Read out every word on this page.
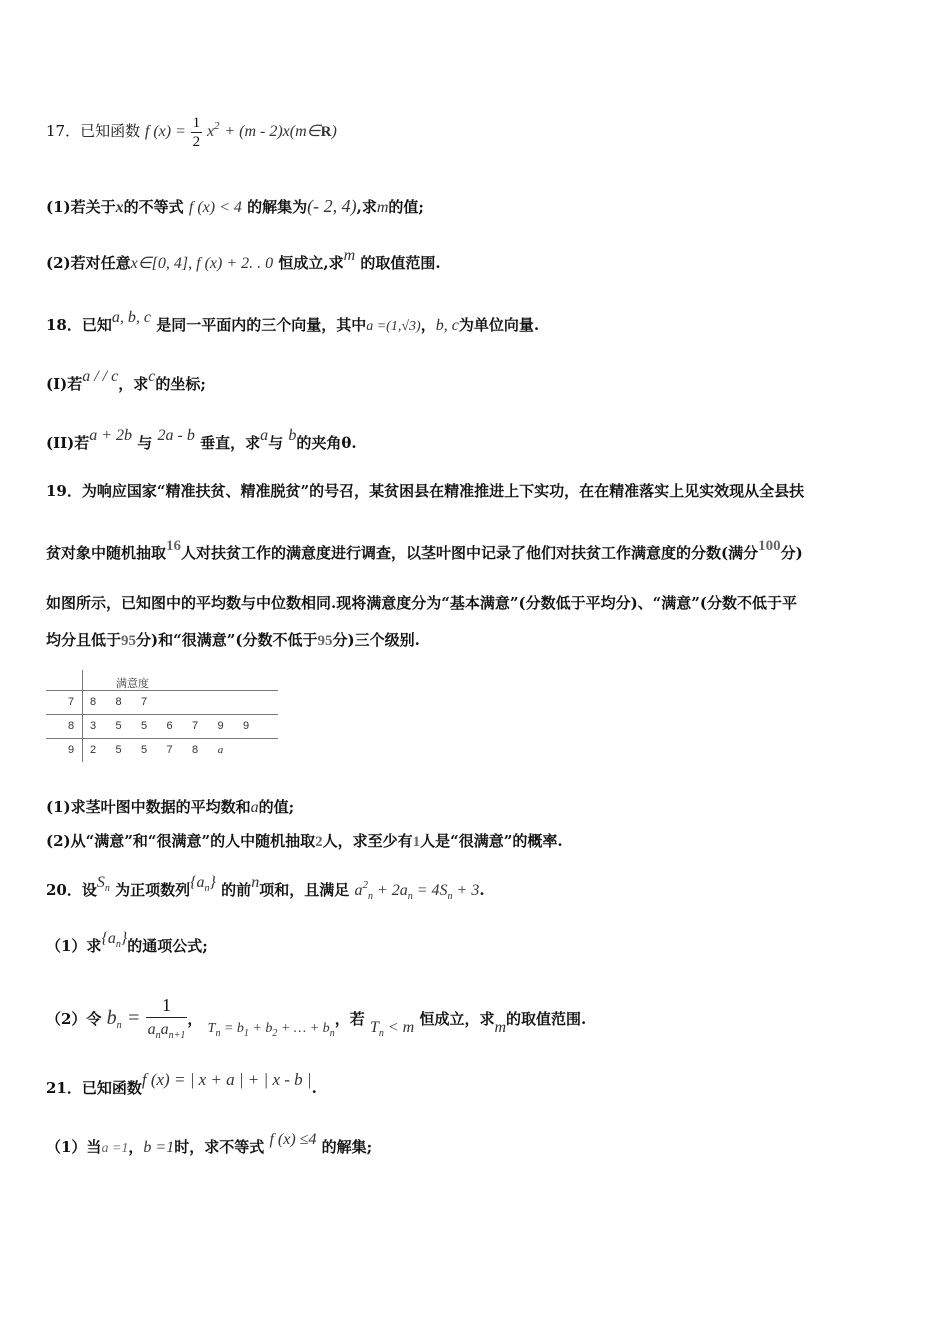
17．已知函数 f $(x) = \frac{1}{2} x^2 + (m$ - 2)x(m∈R)
(1)若关于x的不等式 f (x) < 4 的解集为(- 2, 4),求m的值;
(2)若对任意x∈[0, 4], f (x) + 2. . 0 恒成立,求m 的取值范围.
18．已知a, b, c 是同一平面内的三个向量，其中a =(1,√3)，b, c为单位向量.
(I)若a / / c，求c的坐标;
(II)若a + 2b 与 2a - b 垂直，求a与 b的夹角θ.
19．为响应国家“精准扶贫、精准脱贫”的号召，某贫困县在精准推进上下实功，在在精准落实上见实效现从全县扶
贫对象中随机抽取16人对扶贫工作的满意度进行调查，以茎叶图中记录了他们对扶贫工作满意度的分数(满分100分)
如图所示，已知图中的平均数与中位数相同.现将满意度分为“基本满意”(分数低于平均分)、“满意”(分数不低于平
均分且低于95分)和“很满意”(分数不低于95分)三个级别.
满意度
7	8	8	7
8	3	5	5	6	7	9	9
9	2	5	5	7	8	a
(1)求茎叶图中数据的平均数和a的值;
(2)从“满意”和“很满意”的人中随机抽取2人，求至少有1人是“很满意”的概率.
20．设$S^n$ 为正项数列$\{a^n\}$ 的前n项和，且满足 $a^2_n + 2a_n = 4S_n + 3$.
（1）求$\{a^n\}$的通项公式;
（2）令 $b_n = \frac{1}{a_na_{n+1}}$ ， $T_n = b_1 + b_2$ + … + $b_n$，若 $T_n < m$ 恒成立，求m的取值范围.
21．已知函数f (x) = | x + a | + | x - b |.
（1）当a =1，b =1时，求不等式 f (x) ≤4 的解集;
